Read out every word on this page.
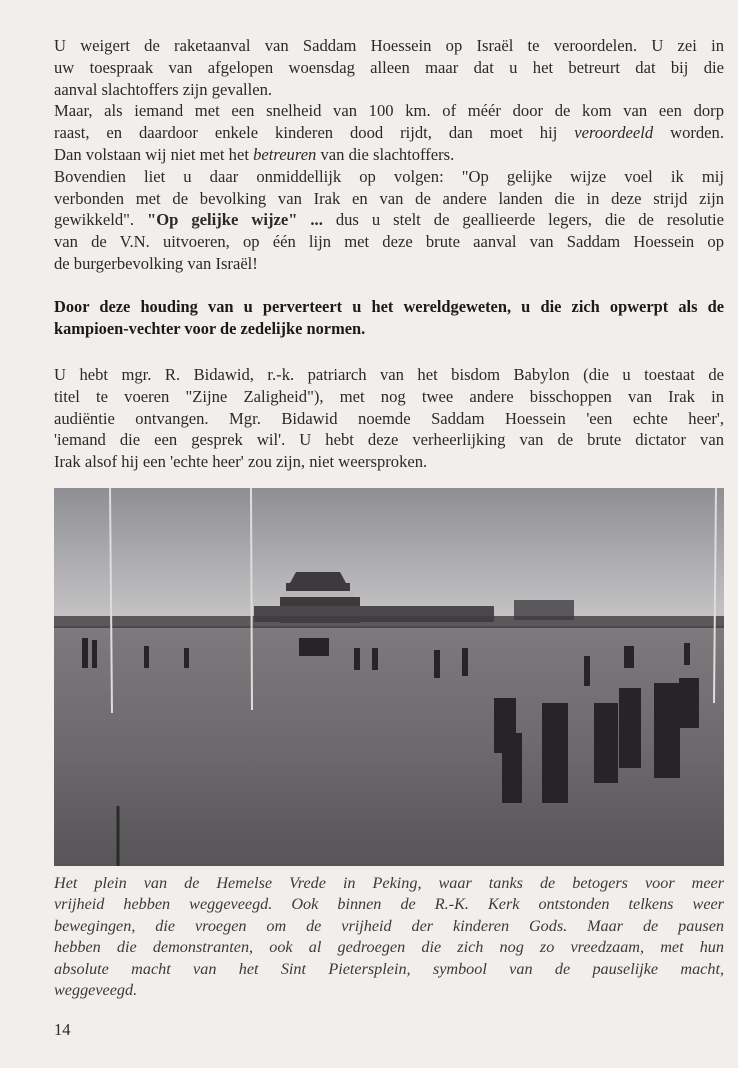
U weigert de raketaanval van Saddam Hoessein op Israël te veroordelen. U zei in
uw toespraak van afgelopen woensdag alleen maar dat u het betreurt dat bij die
aanval slachtoffers zijn gevallen.
Maar, als iemand met een snelheid van 100 km. of méér door de kom van een dorp
raast, en daardoor enkele kinderen dood rijdt, dan moet hij veroordeeld worden.
Dan volstaan wij niet met het betreuren van die slachtoffers.
Bovendien liet u daar onmiddellijk op volgen: "Op gelijke wijze voel ik mij
verbonden met de bevolking van Irak en van de andere landen die in deze strijd zijn
gewikkeld". "Op gelijke wijze" ... dus u stelt de geallieerde legers, die de resolutie
van de V.N. uitvoeren, op één lijn met deze brute aanval van Saddam Hoessein op
de burgerbevolking van Israël!
Door deze houding van u perverteert u het wereldgeweten, u die zich opwerpt als de
kampioen-vechter voor de zedelijke normen.
U hebt mgr. R. Bidawid, r.-k. patriarch van het bisdom Babylon (die u toestaat de
titel te voeren "Zijne Zaligheid"), met nog twee andere bisschoppen van Irak in
audiëntie ontvangen. Mgr. Bidawid noemde Saddam Hoessein 'een echte heer',
'iemand die een gesprek wil'. U hebt deze verheerlijking van de brute dictator van
Irak alsof hij een 'echte heer' zou zijn, niet weersproken.
Het plein van de Hemelse Vrede in Peking, waar tanks de betogers voor meer
vrijheid hebben weggeveegd. Ook binnen de R.-K. Kerk ontstonden telkens weer
bewegingen, die vroegen om de vrijheid der kinderen Gods. Maar de pausen
hebben die demonstranten, ook al gedroegen die zich nog zo vreedzaam, met hun
absolute macht van het Sint Pietersplein, symbool van de pauselijke macht,
weggeveegd.
14
